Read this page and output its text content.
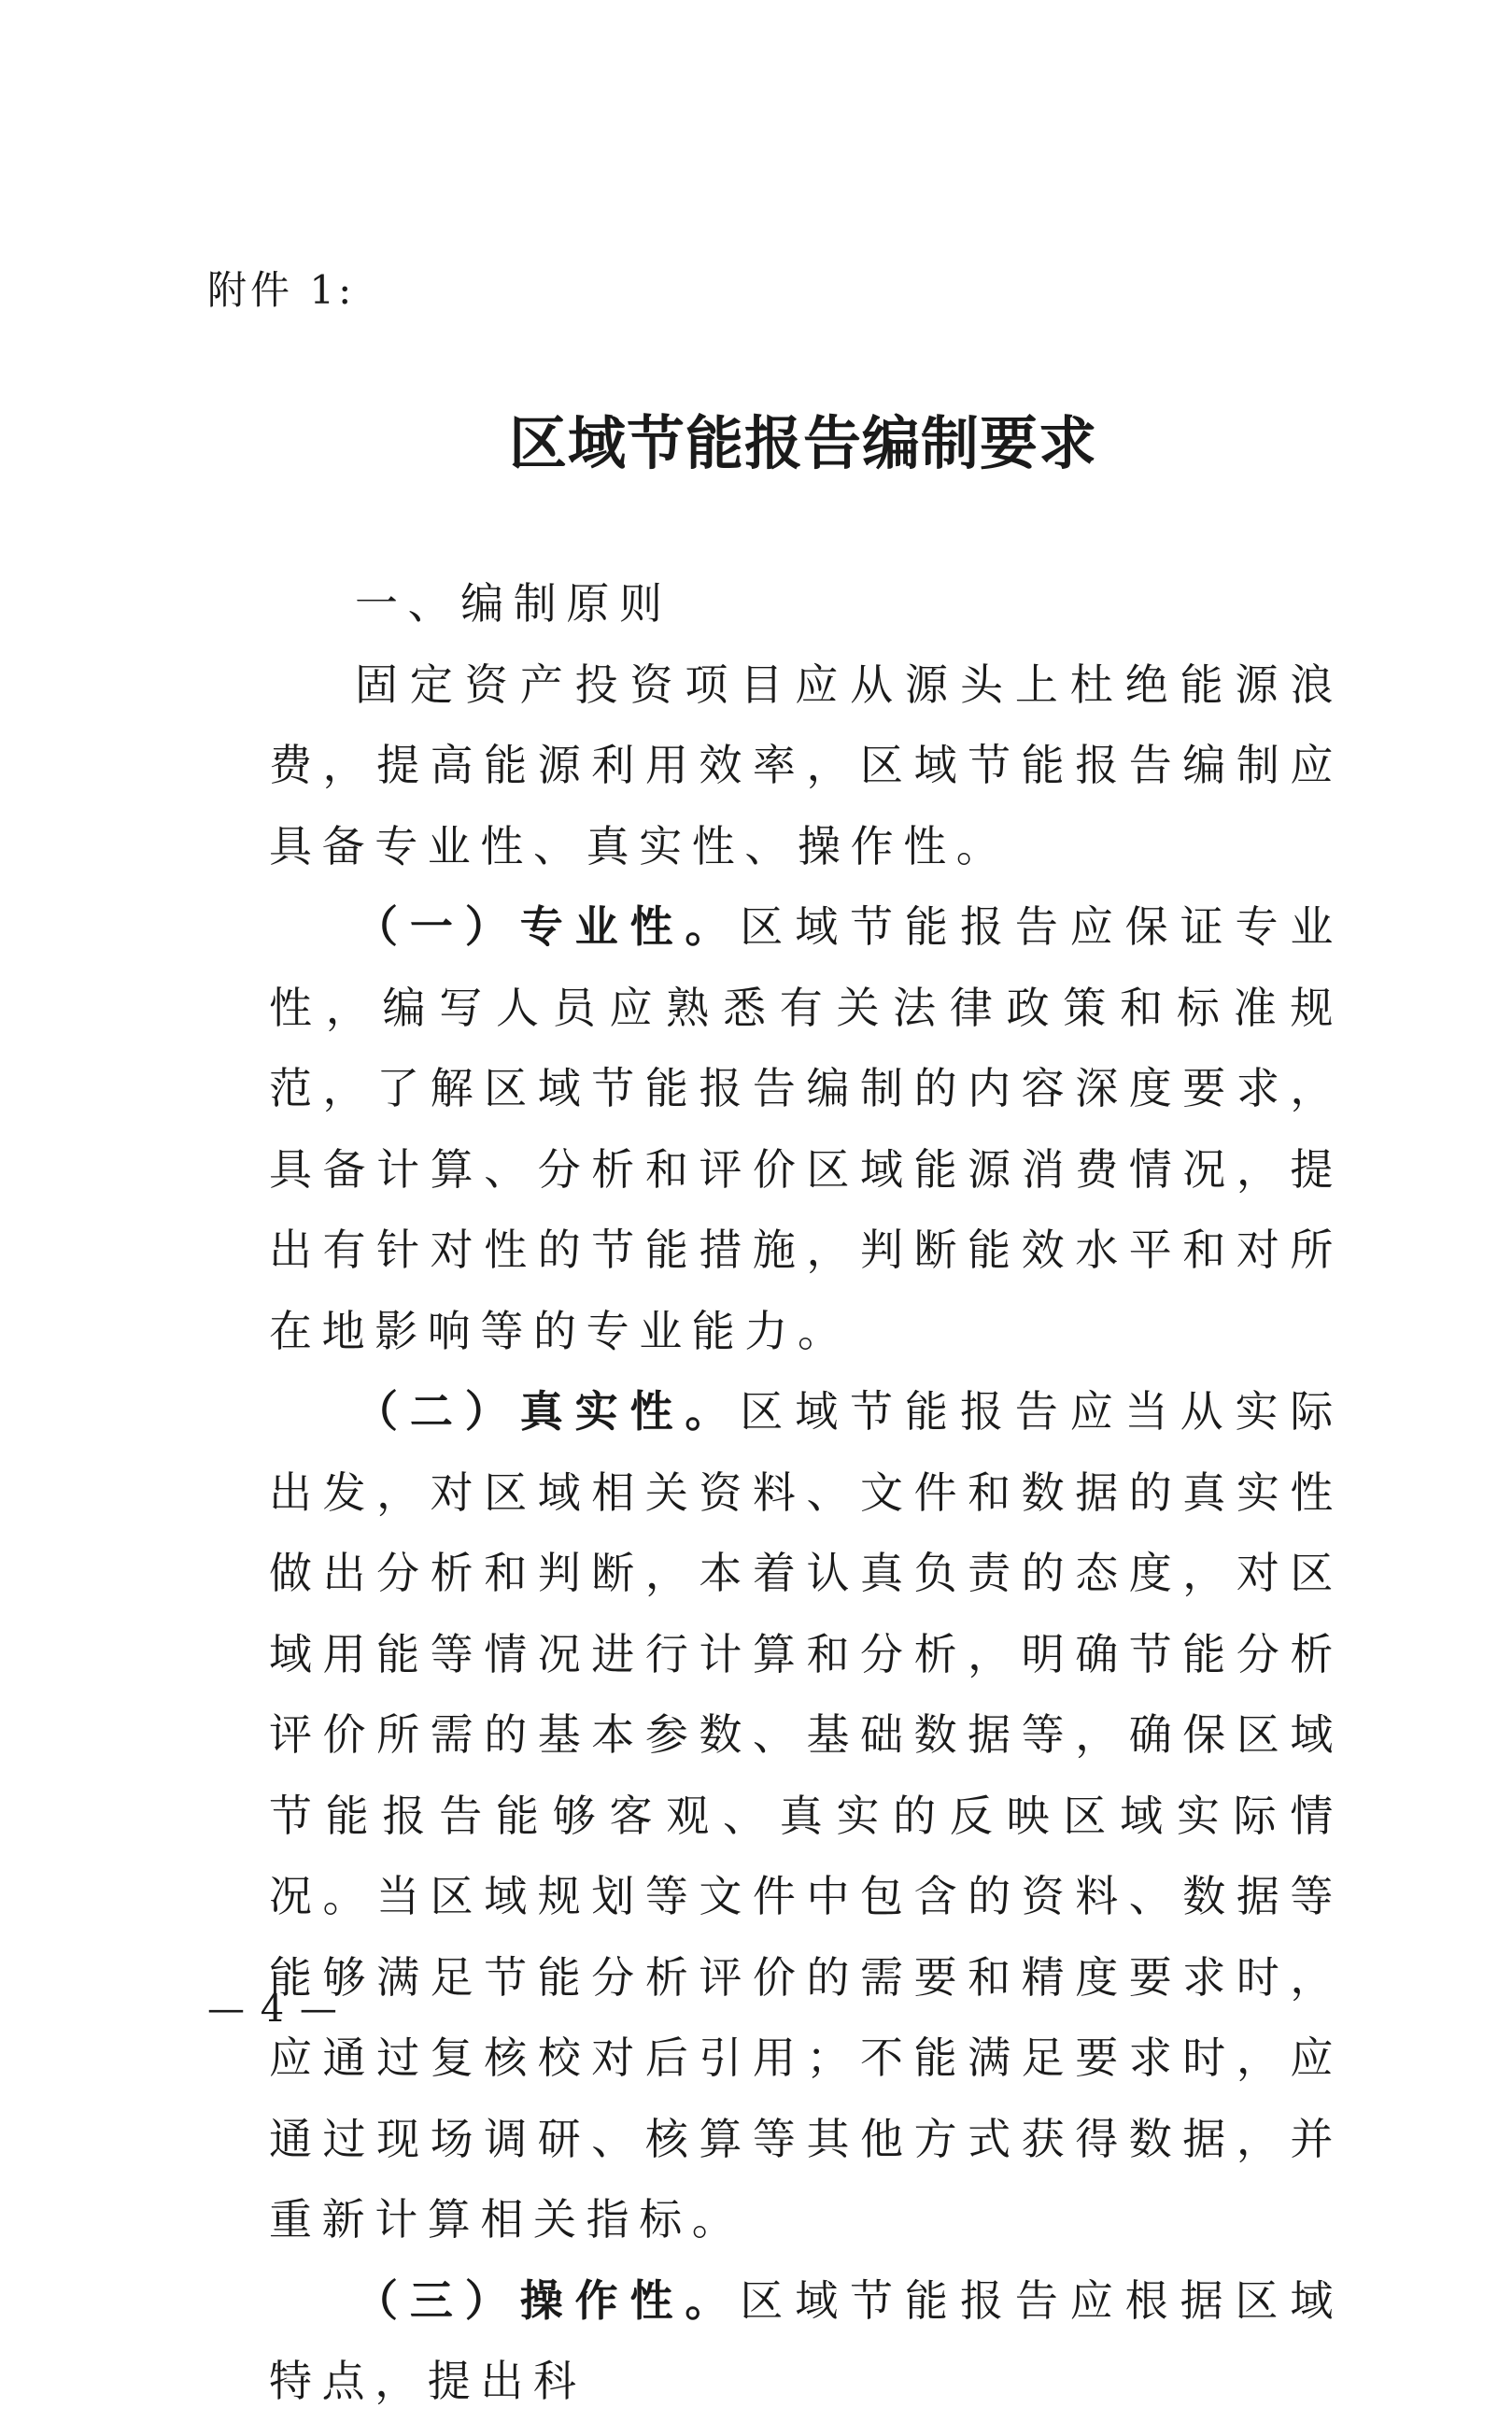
附件 1:
区域节能报告编制要求

一、编制原则

固定资产投资项目应从源头上杜绝能源浪费，提高能源利用效率，区域节能报告编制应具备专业性、真实性、操作性。

（一）专业性。区域节能报告应保证专业性，编写人员应熟悉有关法律政策和标准规范，了解区域节能报告编制的内容深度要求，具备计算、分析和评价区域能源消费情况，提出有针对性的节能措施，判断能效水平和对所在地影响等的专业能力。

（二）真实性。区域节能报告应当从实际出发，对区域相关资料、文件和数据的真实性做出分析和判断，本着认真负责的态度，对区域用能等情况进行计算和分析，明确节能分析评价所需的基本参数、基础数据等，确保区域节能报告能够客观、真实的反映区域实际情况。当区域规划等文件中包含的资料、数据等能够满足节能分析评价的需要和精度要求时，应通过复核校对后引用；不能满足要求时，应通过现场调研、核算等其他方式获得数据，并重新计算相关指标。

（三）操作性。区域节能报告应根据区域特点，提出科

— 4 —
